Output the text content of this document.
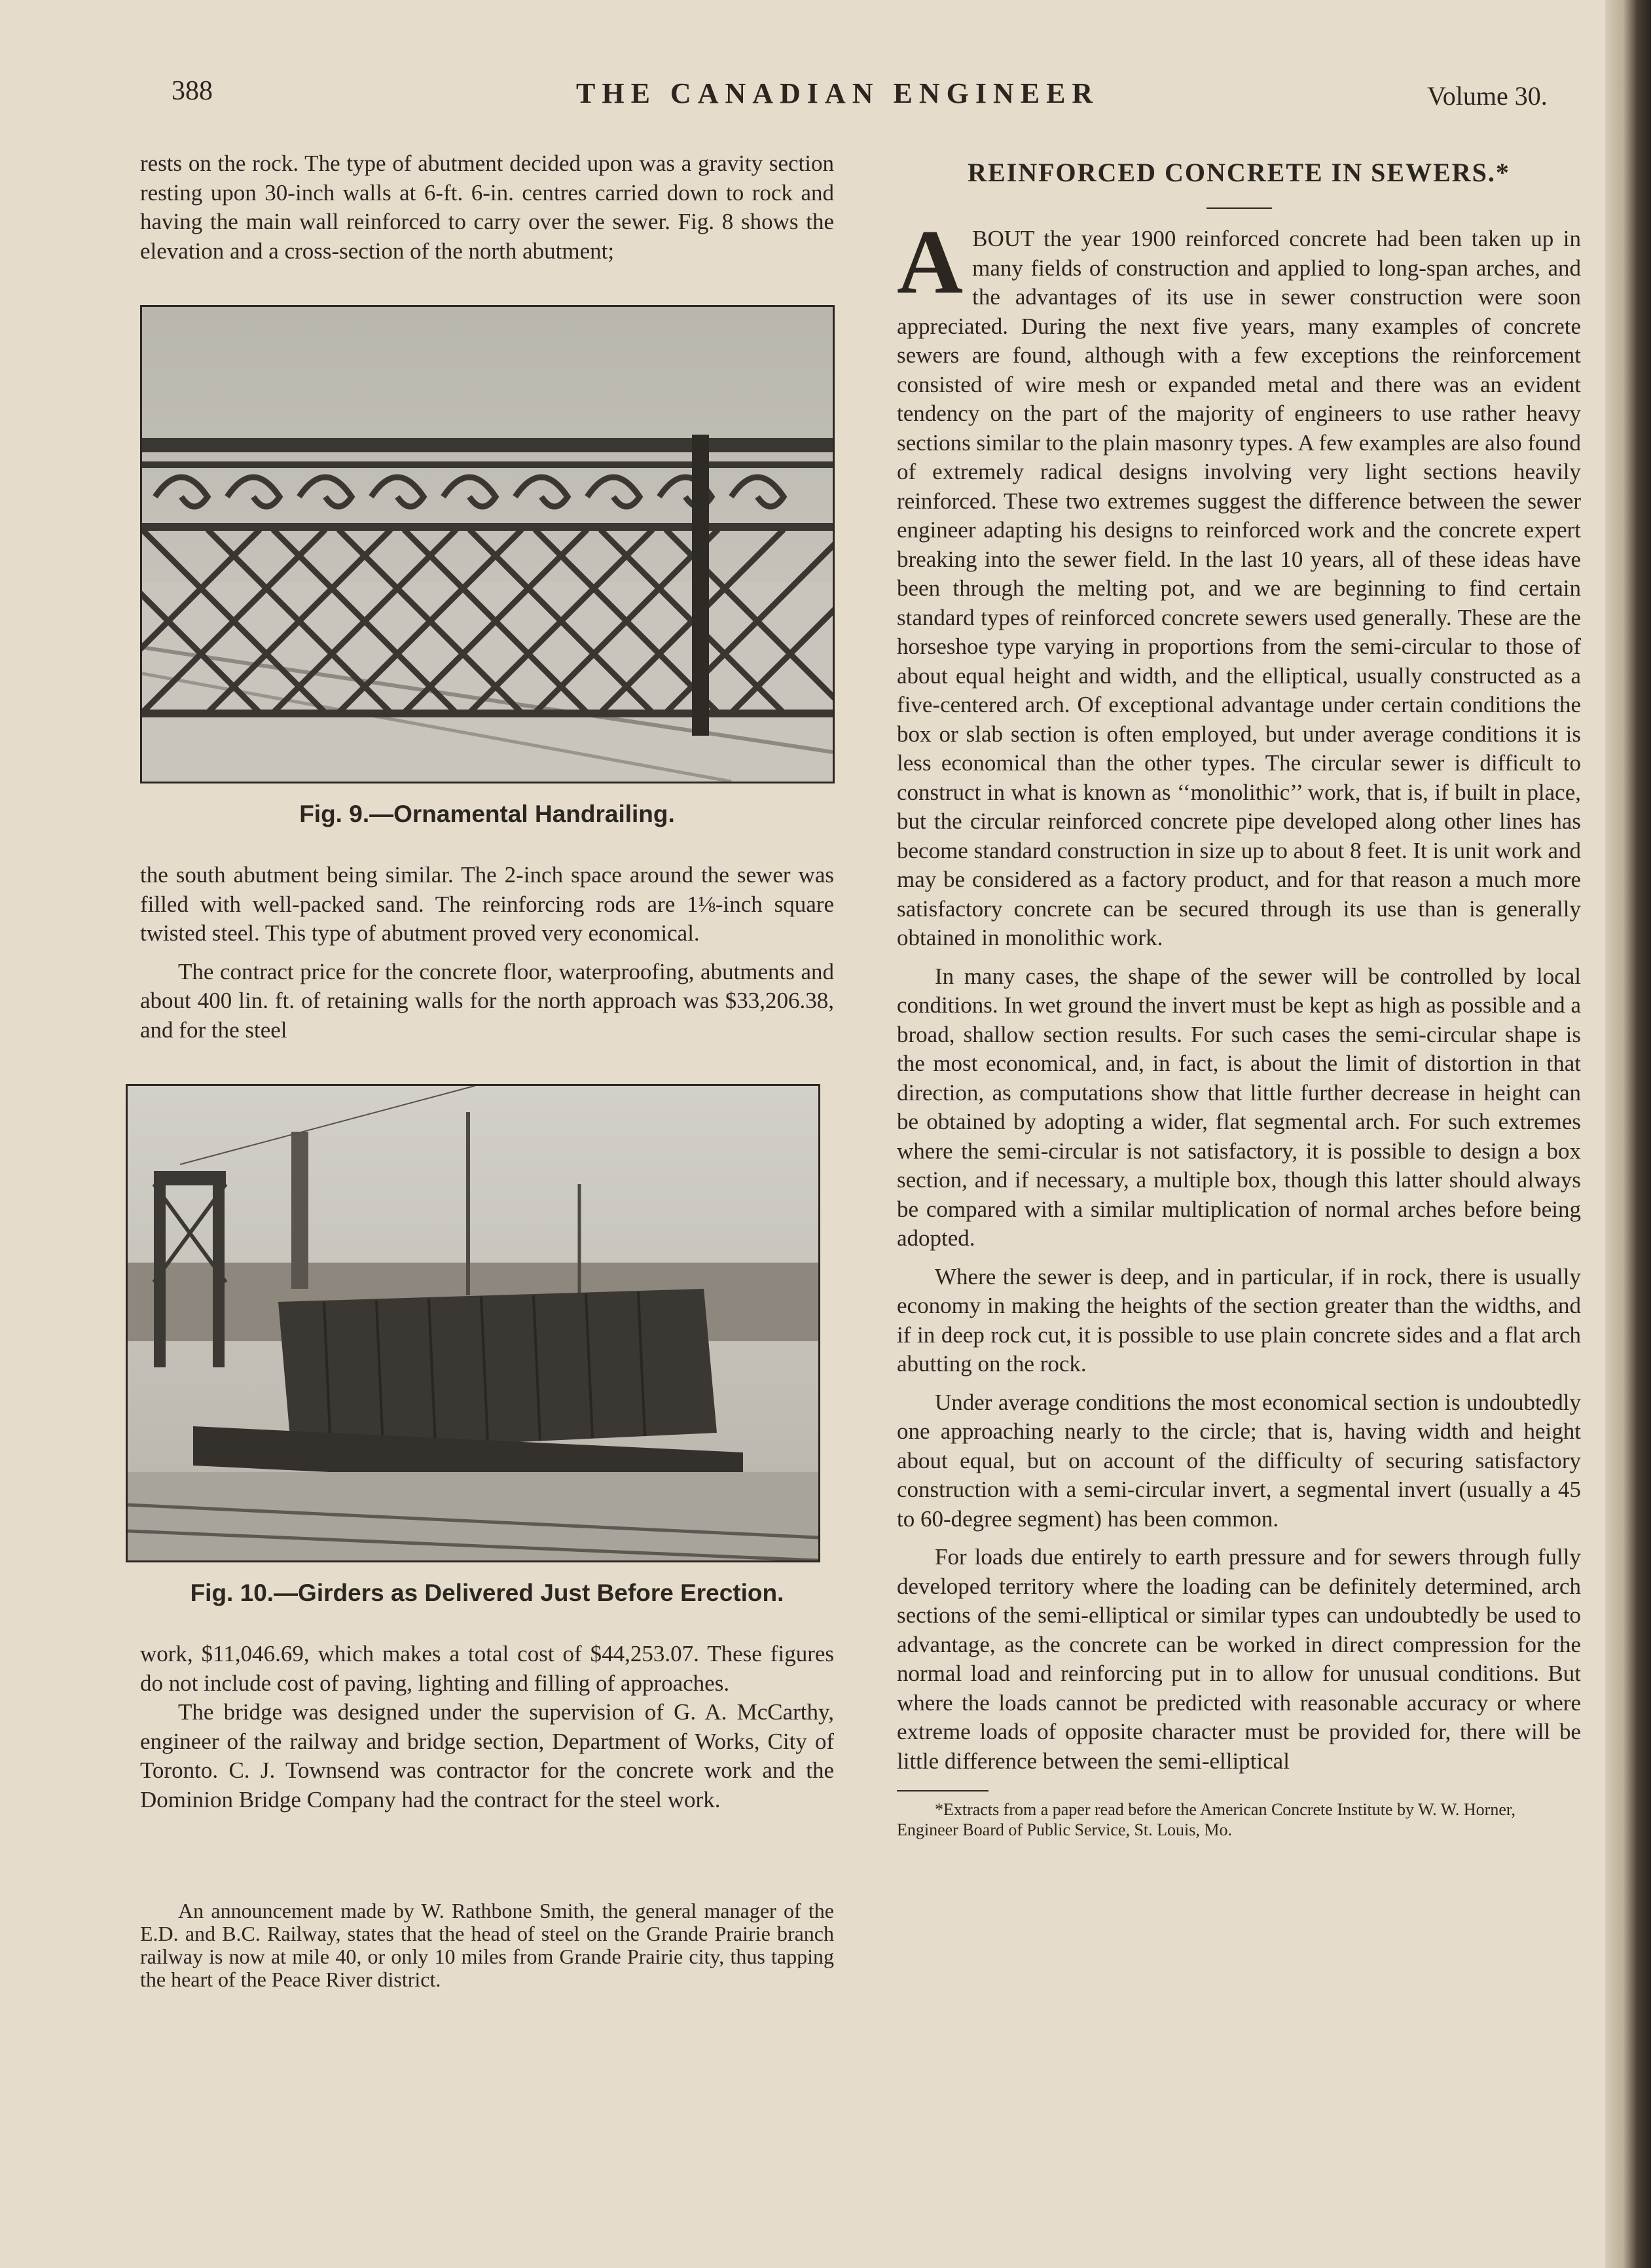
388	THE CANADIAN ENGINEER	Volume 30.

rests on the rock. The type of abutment decided upon was a gravity section resting upon 30-inch walls at 6-ft. 6-in. centres carried down to rock and having the main wall reinforced to carry over the sewer. Fig. 8 shows the elevation and a cross-section of the north abutment;

Fig. 9.—Ornamental Handrailing.

the south abutment being similar. The 2-inch space around the sewer was filled with well-packed sand. The reinforcing rods are 1⅛-inch square twisted steel. This type of abutment proved very economical.

The contract price for the concrete floor, waterproofing, abutments and about 400 lin. ft. of retaining walls for the north approach was $33,206.38, and for the steel

Fig. 10.—Girders as Delivered Just Before Erection.

work, $11,046.69, which makes a total cost of $44,253.07. These figures do not include cost of paving, lighting and filling of approaches.

The bridge was designed under the supervision of G. A. McCarthy, engineer of the railway and bridge section, Department of Works, City of Toronto. C. J. Townsend was contractor for the concrete work and the Dominion Bridge Company had the contract for the steel work.

An announcement made by W. Rathbone Smith, the general manager of the E.D. and B.C. Railway, states that the head of steel on the Grande Prairie branch railway is now at mile 40, or only 10 miles from Grande Prairie city, thus tapping the heart of the Peace River district.

REINFORCED CONCRETE IN SEWERS.*

ABOUT the year 1900 reinforced concrete had been taken up in many fields of construction and applied to long-span arches, and the advantages of its use in sewer construction were soon appreciated. During the next five years, many examples of concrete sewers are found, although with a few exceptions the reinforcement consisted of wire mesh or expanded metal and there was an evident tendency on the part of the majority of engineers to use rather heavy sections similar to the plain masonry types. A few examples are also found of extremely radical designs involving very light sections heavily reinforced. These two extremes suggest the difference between the sewer engineer adapting his designs to reinforced work and the concrete expert breaking into the sewer field. In the last 10 years, all of these ideas have been through the melting pot, and we are beginning to find certain standard types of reinforced concrete sewers used generally. These are the horseshoe type varying in proportions from the semi-circular to those of about equal height and width, and the elliptical, usually constructed as a five-centered arch. Of exceptional advantage under certain conditions the box or slab section is often employed, but under average conditions it is less economical than the other types. The circular sewer is difficult to construct in what is known as ‘‘monolithic’’ work, that is, if built in place, but the circular reinforced concrete pipe developed along other lines has become standard construction in size up to about 8 feet. It is unit work and may be considered as a factory product, and for that reason a much more satisfactory concrete can be secured through its use than is generally obtained in monolithic work.

In many cases, the shape of the sewer will be controlled by local conditions. In wet ground the invert must be kept as high as possible and a broad, shallow section results. For such cases the semi-circular shape is the most economical, and, in fact, is about the limit of distortion in that direction, as computations show that little further decrease in height can be obtained by adopting a wider, flat segmental arch. For such extremes where the semi-circular is not satisfactory, it is possible to design a box section, and if necessary, a multiple box, though this latter should always be compared with a similar multiplication of normal arches before being adopted.

Where the sewer is deep, and in particular, if in rock, there is usually economy in making the heights of the section greater than the widths, and if in deep rock cut, it is possible to use plain concrete sides and a flat arch abutting on the rock.

Under average conditions the most economical section is undoubtedly one approaching nearly to the circle; that is, having width and height about equal, but on account of the difficulty of securing satisfactory construction with a semi-circular invert, a segmental invert (usually a 45 to 60-degree segment) has been common.

For loads due entirely to earth pressure and for sewers through fully developed territory where the loading can be definitely determined, arch sections of the semi-elliptical or similar types can undoubtedly be used to advantage, as the concrete can be worked in direct compression for the normal load and reinforcing put in to allow for unusual conditions. But where the loads cannot be predicted with reasonable accuracy or where extreme loads of opposite character must be provided for, there will be little difference between the semi-elliptical

*Extracts from a paper read before the American Concrete Institute by W. W. Horner, Engineer Board of Public Service, St. Louis, Mo.
